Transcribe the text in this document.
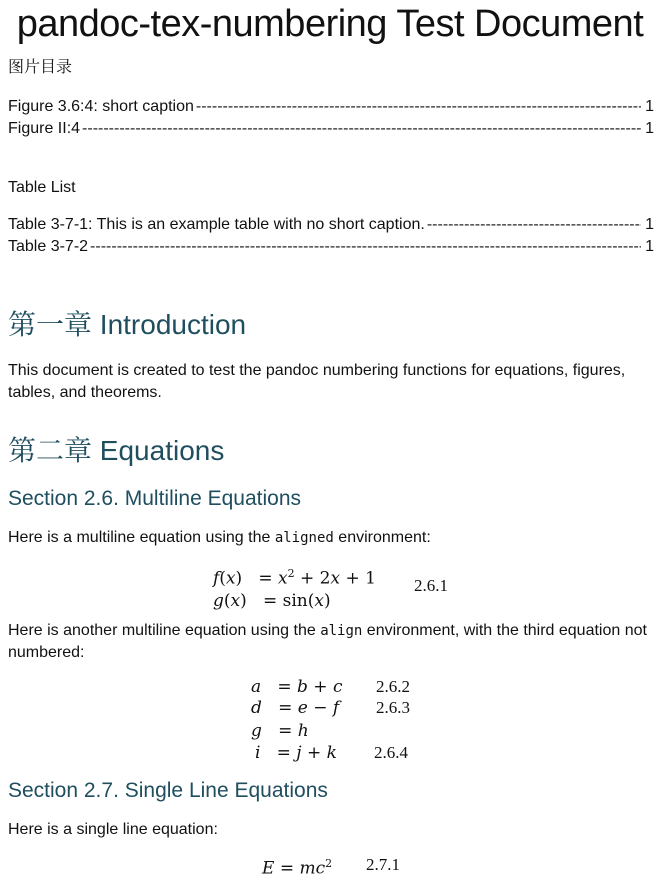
pandoc-tex-numbering Test Document
图片目录
Figure 3.6:4: short caption -----	1
Figure II:4 -----	1
Table List
Table 3-7-1: This is an example table with no short caption. -----	1
Table 3-7-2 -----	1
第一章 Introduction
This document is created to test the pandoc numbering functions for equations, figures, tables, and theorems.
第二章 Equations
Section 2.6. Multiline Equations
Here is a multiline equation using the aligned environment:
$f(x) = x^2 + 2x + 1$
g(x)   = sin(x)
2.6.1
Here is another multiline equation using the align environment, with the third equation not numbered:
a   = b + c 2.6.2
d   = e − f 2.6.3
g   = h
i   = j + k 2.6.4
Section 2.7. Single Line Equations
Here is a single line equation:
$E = mc^2$ 2.7.1
